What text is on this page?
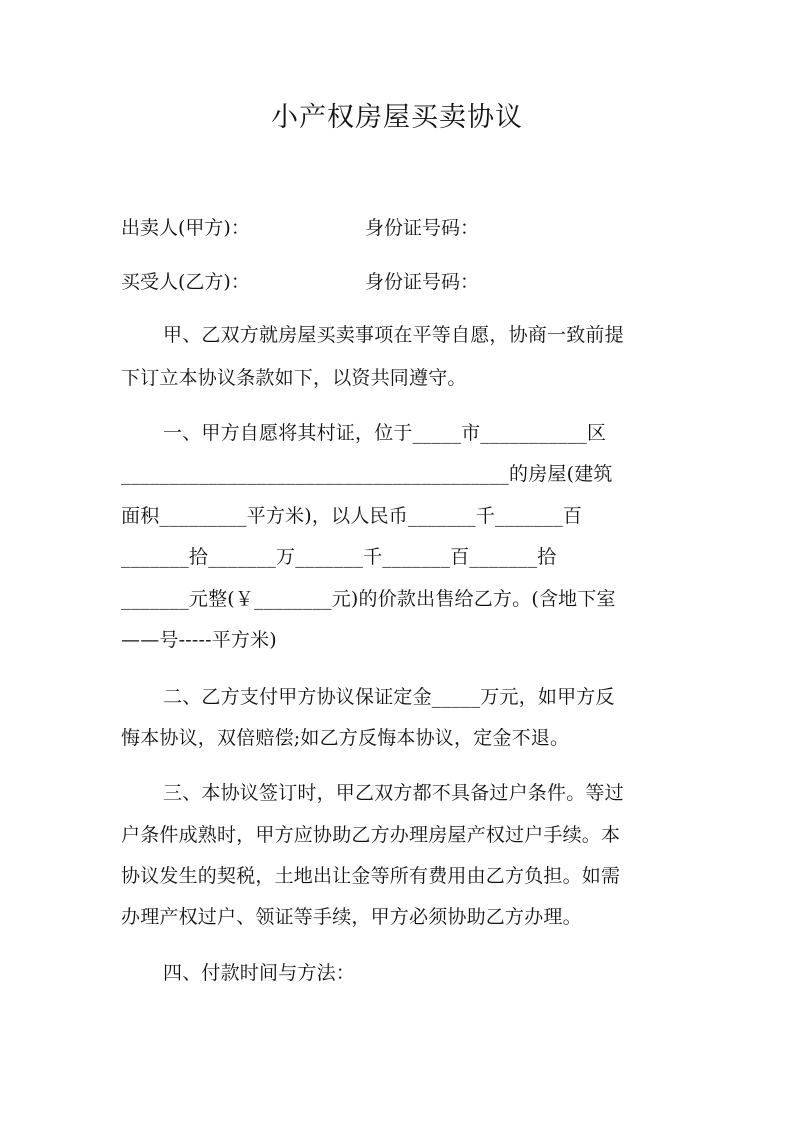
小产权房屋买卖协议
出卖人(甲方)：	身份证号码：
买受人(乙方)：	身份证号码：
甲、乙双方就房屋买卖事项在平等自愿，协商一致前提
下订立本协议条款如下，以资共同遵守。
一、甲方自愿将其村证，位于_____市___________区
________________________________________的房屋(建筑
面积_________平方米)，以人民币_______千_______百
_______拾_______万_______千_______百_______拾
_______元整(￥________元)的价款出售给乙方。(含地下室
——号-----平方米)
二、乙方支付甲方协议保证定金_____万元，如甲方反
悔本协议，双倍赔偿;如乙方反悔本协议，定金不退。
三、本协议签订时，甲乙双方都不具备过户条件。等过
户条件成熟时，甲方应协助乙方办理房屋产权过户手续。本
协议发生的契税，土地出让金等所有费用由乙方负担。如需
办理产权过户、领证等手续，甲方必须协助乙方办理。
四、付款时间与方法：
